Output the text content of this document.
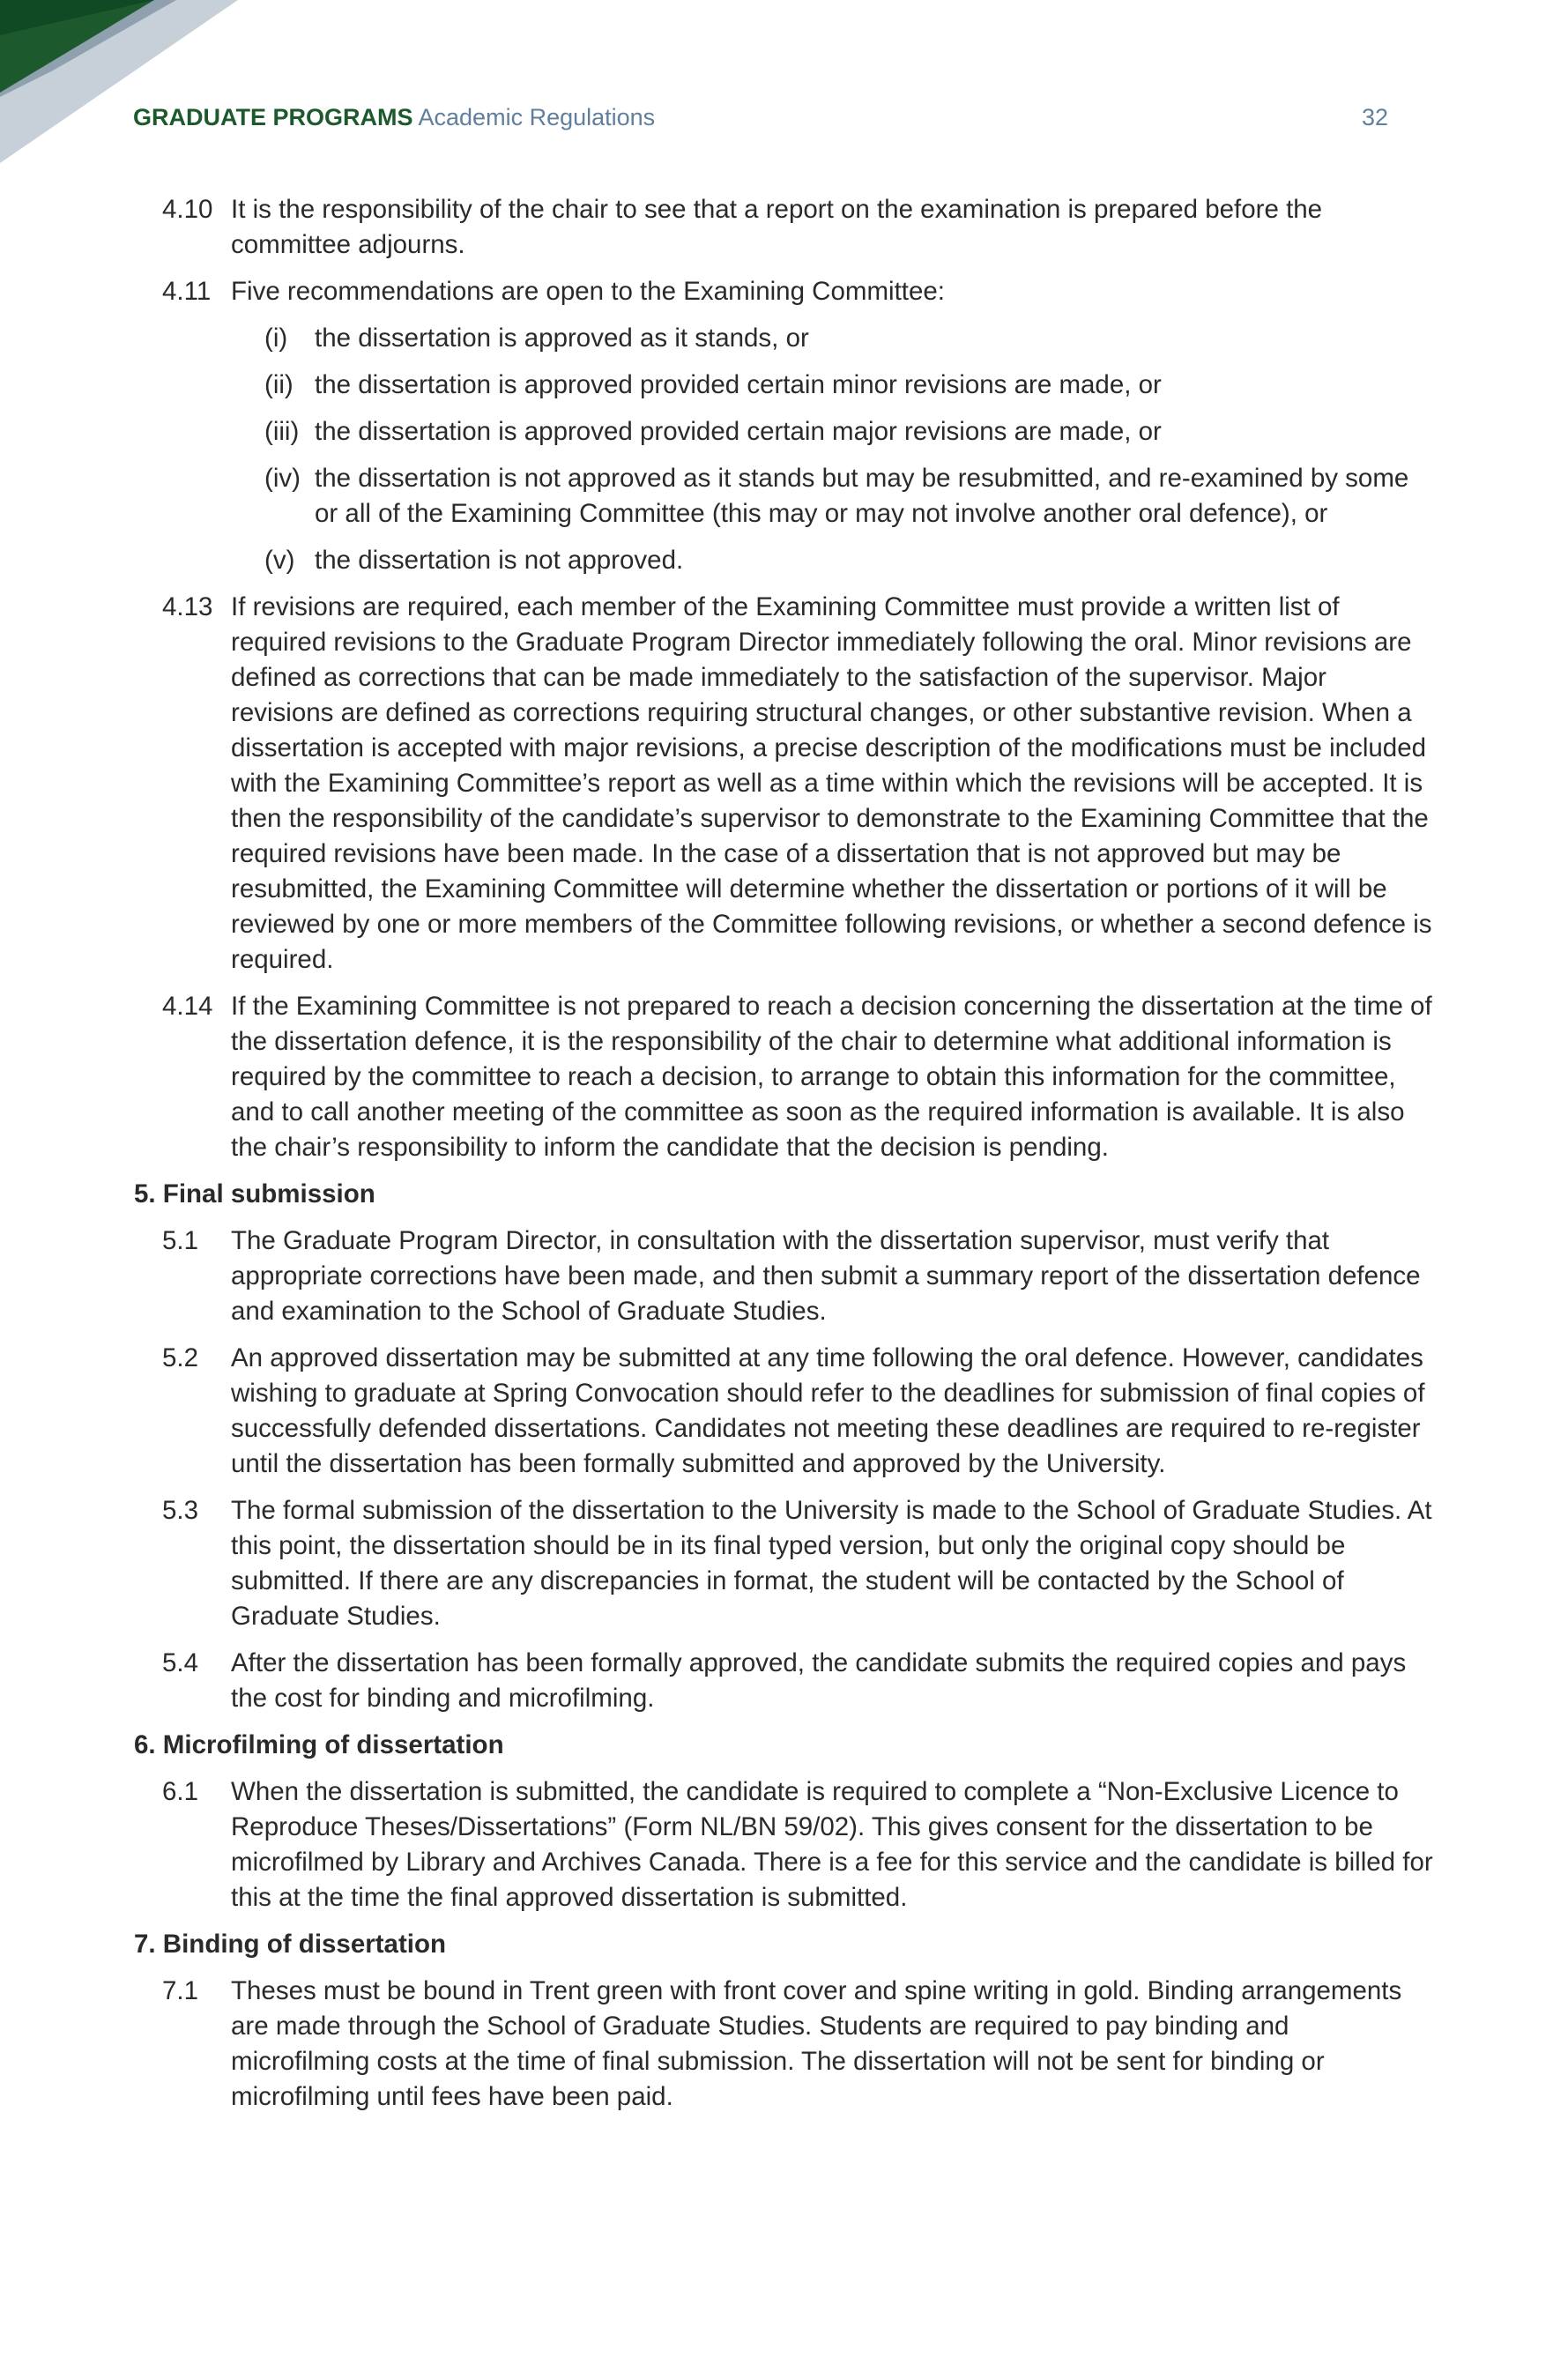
GRADUATE PROGRAMS Academic Regulations	32
4.10 It is the responsibility of the chair to see that a report on the examination is prepared before the committee adjourns.
4.11 Five recommendations are open to the Examining Committee:
(i) the dissertation is approved as it stands, or
(ii) the dissertation is approved provided certain minor revisions are made, or
(iii) the dissertation is approved provided certain major revisions are made, or
(iv) the dissertation is not approved as it stands but may be resubmitted, and re-examined by some or all of the Examining Committee (this may or may not involve another oral defence), or
(v) the dissertation is not approved.
4.13 If revisions are required, each member of the Examining Committee must provide a written list of required revisions to the Graduate Program Director immediately following the oral. Minor revisions are defined as corrections that can be made immediately to the satisfaction of the supervisor. Major revisions are defined as corrections requiring structural changes, or other substantive revision. When a dissertation is accepted with major revisions, a precise description of the modifications must be included with the Examining Committee’s report as well as a time within which the revisions will be accepted. It is then the responsibility of the candidate’s supervisor to demonstrate to the Examining Committee that the required revisions have been made. In the case of a dissertation that is not approved but may be resubmitted, the Examining Committee will determine whether the dissertation or portions of it will be reviewed by one or more members of the Committee following revisions, or whether a second defence is required.
4.14 If the Examining Committee is not prepared to reach a decision concerning the dissertation at the time of the dissertation defence, it is the responsibility of the chair to determine what additional information is required by the committee to reach a decision, to arrange to obtain this information for the committee, and to call another meeting of the committee as soon as the required information is available. It is also the chair’s responsibility to inform the candidate that the decision is pending.
5. Final submission
5.1 The Graduate Program Director, in consultation with the dissertation supervisor, must verify that appropriate corrections have been made, and then submit a summary report of the dissertation defence and examination to the School of Graduate Studies.
5.2 An approved dissertation may be submitted at any time following the oral defence. However, candidates wishing to graduate at Spring Convocation should refer to the deadlines for submission of final copies of successfully defended dissertations. Candidates not meeting these deadlines are required to re-register until the dissertation has been formally submitted and approved by the University.
5.3 The formal submission of the dissertation to the University is made to the School of Graduate Studies. At this point, the dissertation should be in its final typed version, but only the original copy should be submitted. If there are any discrepancies in format, the student will be contacted by the School of Graduate Studies.
5.4 After the dissertation has been formally approved, the candidate submits the required copies and pays the cost for binding and microfilming.
6. Microfilming of dissertation
6.1 When the dissertation is submitted, the candidate is required to complete a “Non-Exclusive Licence to Reproduce Theses/Dissertations” (Form NL/BN 59/02). This gives consent for the dissertation to be microfilmed by Library and Archives Canada. There is a fee for this service and the candidate is billed for this at the time the final approved dissertation is submitted.
7. Binding of dissertation
7.1 Theses must be bound in Trent green with front cover and spine writing in gold. Binding arrangements are made through the School of Graduate Studies. Students are required to pay binding and microfilming costs at the time of final submission. The dissertation will not be sent for binding or microfilming until fees have been paid.
